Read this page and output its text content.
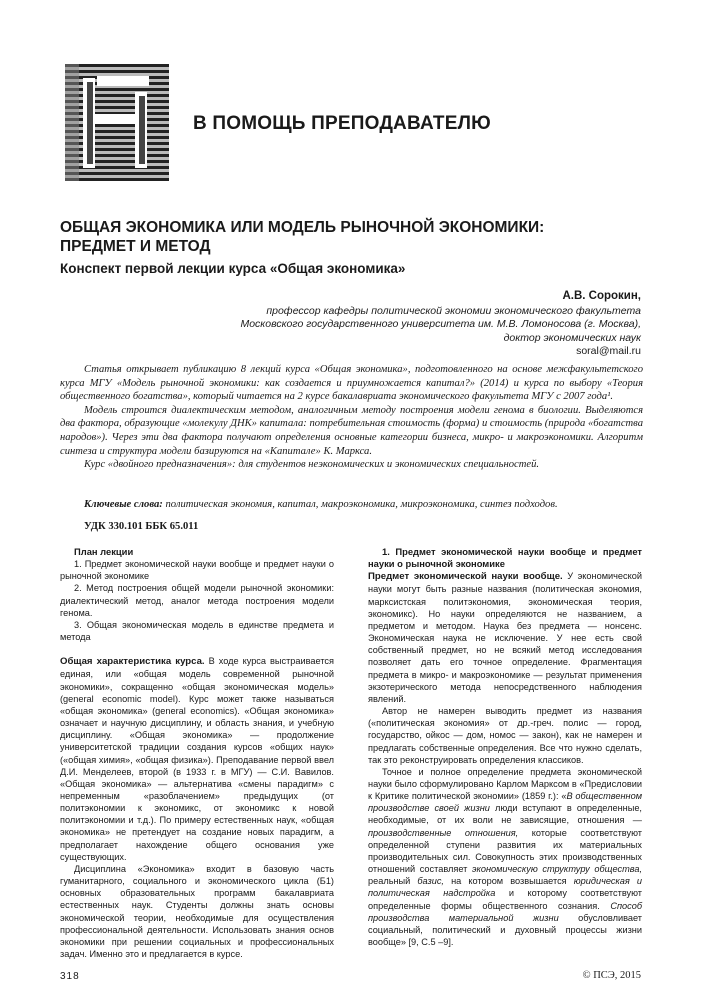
В ПОМОЩЬ ПРЕПОДАВАТЕЛЮ
ОБЩАЯ ЭКОНОМИКА ИЛИ МОДЕЛЬ РЫНОЧНОЙ ЭКОНОМИКИ: ПРЕДМЕТ И МЕТОД
Конспект первой лекции курса «Общая экономика»
А.В. Сорокин,
профессор кафедры политической экономии экономического факультета
Московского государственного университета им. М.В. Ломоносова (г. Москва),
доктор экономических наук
soral@mail.ru

Статья открывает публикацию 8 лекций курса «Общая экономика», подготовленного на основе межфакультетского курса МГУ «Модель рыночной экономики: как создается и приумножается капитал?» (2014) и курса по выбору «Теория общественного богатства», который читается на 2 курсе бакалавриата экономического факультета МГУ с 2007 года¹.

Модель строится диалектическим методом, аналогичным методу построения модели генома в биологии. Выделяются два фактора, образующие «молекулу ДНК» капитала: потребительная стоимость (форма) и стоимость (природа «богатства народов»). Через эти два фактора получают определения основные категории бизнеса, микро- и макроэкономики. Алгоритм синтеза и структура модели базируются на «Капитале» К. Маркса.

Курс «двойного предназначения»: для студентов неэкономических и экономических специальностей.

Ключевые слова: политическая экономия, капитал, макроэкономика, микроэкономика, синтез подходов.
УДК 330.101 ББК 65.011
План лекции

1. Предмет экономической науки вообще и предмет науки о рыночной экономике

2. Метод построения общей модели рыночной экономики: диалектический метод, аналог метода построения модели генома.

3. Общая экономическая модель в единстве предмета и метода

Общая характеристика курса. В ходе курса выстраивается единая, или «общая модель современной рыночной экономики», сокращенно «общая экономическая модель» (general economic model). Курс может также называться «общая экономика» (general economics). «Общая экономика» означает и научную дисциплину, и область знания, и учебную дисциплину. «Общая экономика» — продолжение университетской традиции создания курсов «общих наук» («общая химия», «общая физика»). Преподавание первой ввел Д.И. Менделеев, второй (в 1933 г. в МГУ) — С.И. Вавилов. «Общая экономика» — альтернатива «смены парадигм» с непременным «разоблачением» предыдущих (от политэкономии к экономикс, от экономикс к новой политэкономии и т.д.). По примеру естественных наук, «общая экономика» не претендует на создание новых парадигм, а предполагает нахождение общего основания уже существующих.

Дисциплина «Экономика» входит в базовую часть гуманитарного, социального и экономического цикла (Б1) основных образовательных программ бакалавриата естественных наук. Студенты должны знать основы экономической теории, необходимые для осуществления профессиональной деятельности. Использовать знания основ экономики при решении социальных и профессиональных задач. Именно это и предлагается в курсе.

1. Предмет экономической науки вообще и предмет науки о рыночной экономике

Предмет экономической науки вообще. У экономической науки могут быть разные названия (политическая экономия, марксистская политэкономия, экономическая теория, экономикс). Но науки определяются не названием, а предметом и методом. Наука без предмета — нонсенс. Экономическая наука не исключение. У нее есть свой собственный предмет, но не всякий метод исследования позволяет дать его точное определение. Фрагментация предмета в микро- и макроэкономике — результат применения экзотерического метода непосредственного наблюдения явлений.

Автор не намерен выводить предмет из названия («политическая экономия» от др.-греч. полис — город, государство, ойкос — дом, номос — закон), как не намерен и предлагать собственные определения. Все что нужно сделать, так это реконструировать определения классиков.

Точное и полное определение предмета экономической науки было сформулировано Карлом Марксом в «Предисловии к Критике политической экономии» (1859 г.): «В общественном производстве своей жизни люди вступают в определенные, необходимые, от их воли не зависящие, отношения — производственные отношения, которые соответствуют определенной ступени развития их материальных производительных сил. Совокупность этих производственных отношений составляет экономическую структуру общества, реальный базис, на котором возвышается юридическая и политическая надстройка и которому соответствуют определенные формы общественного сознания. Способ производства материальной жизни обусловливает социальный, политический и духовный процессы жизни вообще» [9, С.5 –9].

318	© ПСЭ, 2015
